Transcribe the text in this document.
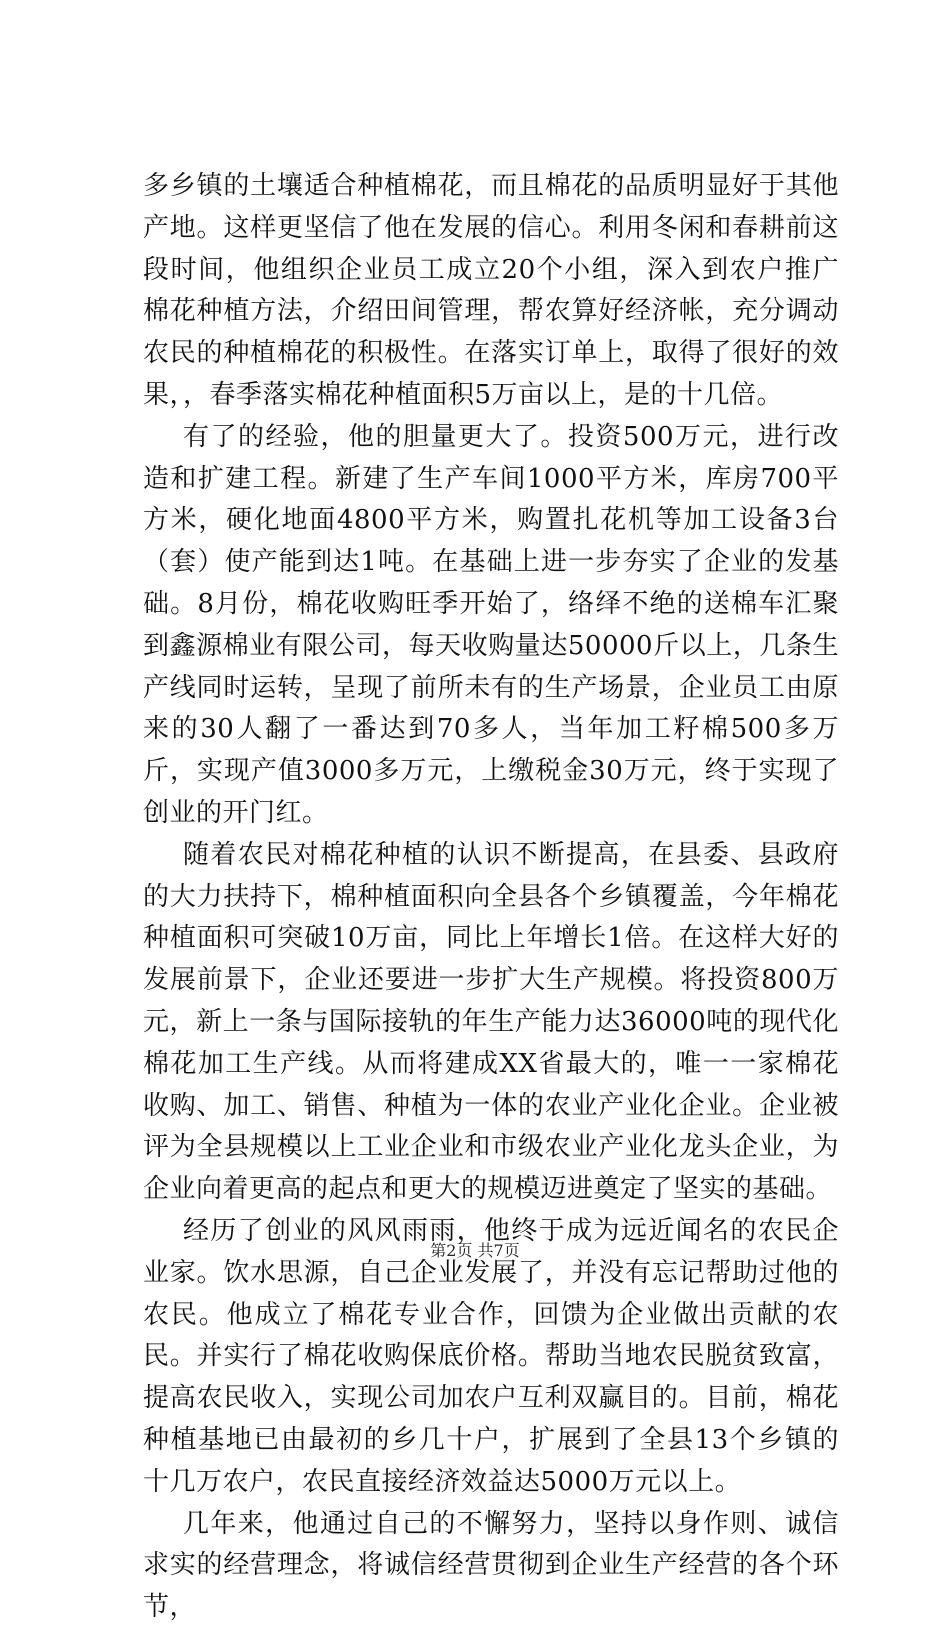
多乡镇的土壤适合种植棉花，而且棉花的品质明显好于其他产地。这样更坚信了他在发展的信心。利用冬闲和春耕前这段时间，他组织企业员工成立20个小组，深入到农户推广棉花种植方法，介绍田间管理，帮农算好经济帐，充分调动农民的种植棉花的积极性。在落实订单上，取得了很好的效果，，春季落实棉花种植面积5万亩以上，是的十几倍。

有了的经验，他的胆量更大了。投资500万元，进行改造和扩建工程。新建了生产车间1000平方米，库房700平方米，硬化地面4800平方米，购置扎花机等加工设备3台（套）使产能到达1吨。在基础上进一步夯实了企业的发基础。8月份，棉花收购旺季开始了，络绎不绝的送棉车汇聚到鑫源棉业有限公司，每天收购量达50000斤以上，几条生产线同时运转，呈现了前所未有的生产场景，企业员工由原来的30人翻了一番达到70多人，当年加工籽棉500多万斤，实现产值3000多万元，上缴税金30万元，终于实现了创业的开门红。

随着农民对棉花种植的认识不断提高，在县委、县政府的大力扶持下，棉种植面积向全县各个乡镇覆盖，今年棉花种植面积可突破10万亩，同比上年增长1倍。在这样大好的发展前景下，企业还要进一步扩大生产规模。将投资800万元，新上一条与国际接轨的年生产能力达36000吨的现代化棉花加工生产线。从而将建成XX省最大的，唯一一家棉花收购、加工、销售、种植为一体的农业产业化企业。企业被评为全县规模以上工业企业和市级农业产业化龙头企业，为企业向着更高的起点和更大的规模迈进奠定了坚实的基础。

经历了创业的风风雨雨，他终于成为远近闻名的农民企业家。饮水思源，自己企业发展了，并没有忘记帮助过他的农民。他成立了棉花专业合作，回馈为企业做出贡献的农民。并实行了棉花收购保底价格。帮助当地农民脱贫致富，提高农民收入，实现公司加农户互利双赢目的。目前，棉花种植基地已由最初的乡几十户，扩展到了全县13个乡镇的十几万农户，农民直接经济效益达5000万元以上。

几年来，他通过自己的不懈努力，坚持以身作则、诚信求实的经营理念，将诚信经营贯彻到企业生产经营的各个环节，

第2页 共7页
